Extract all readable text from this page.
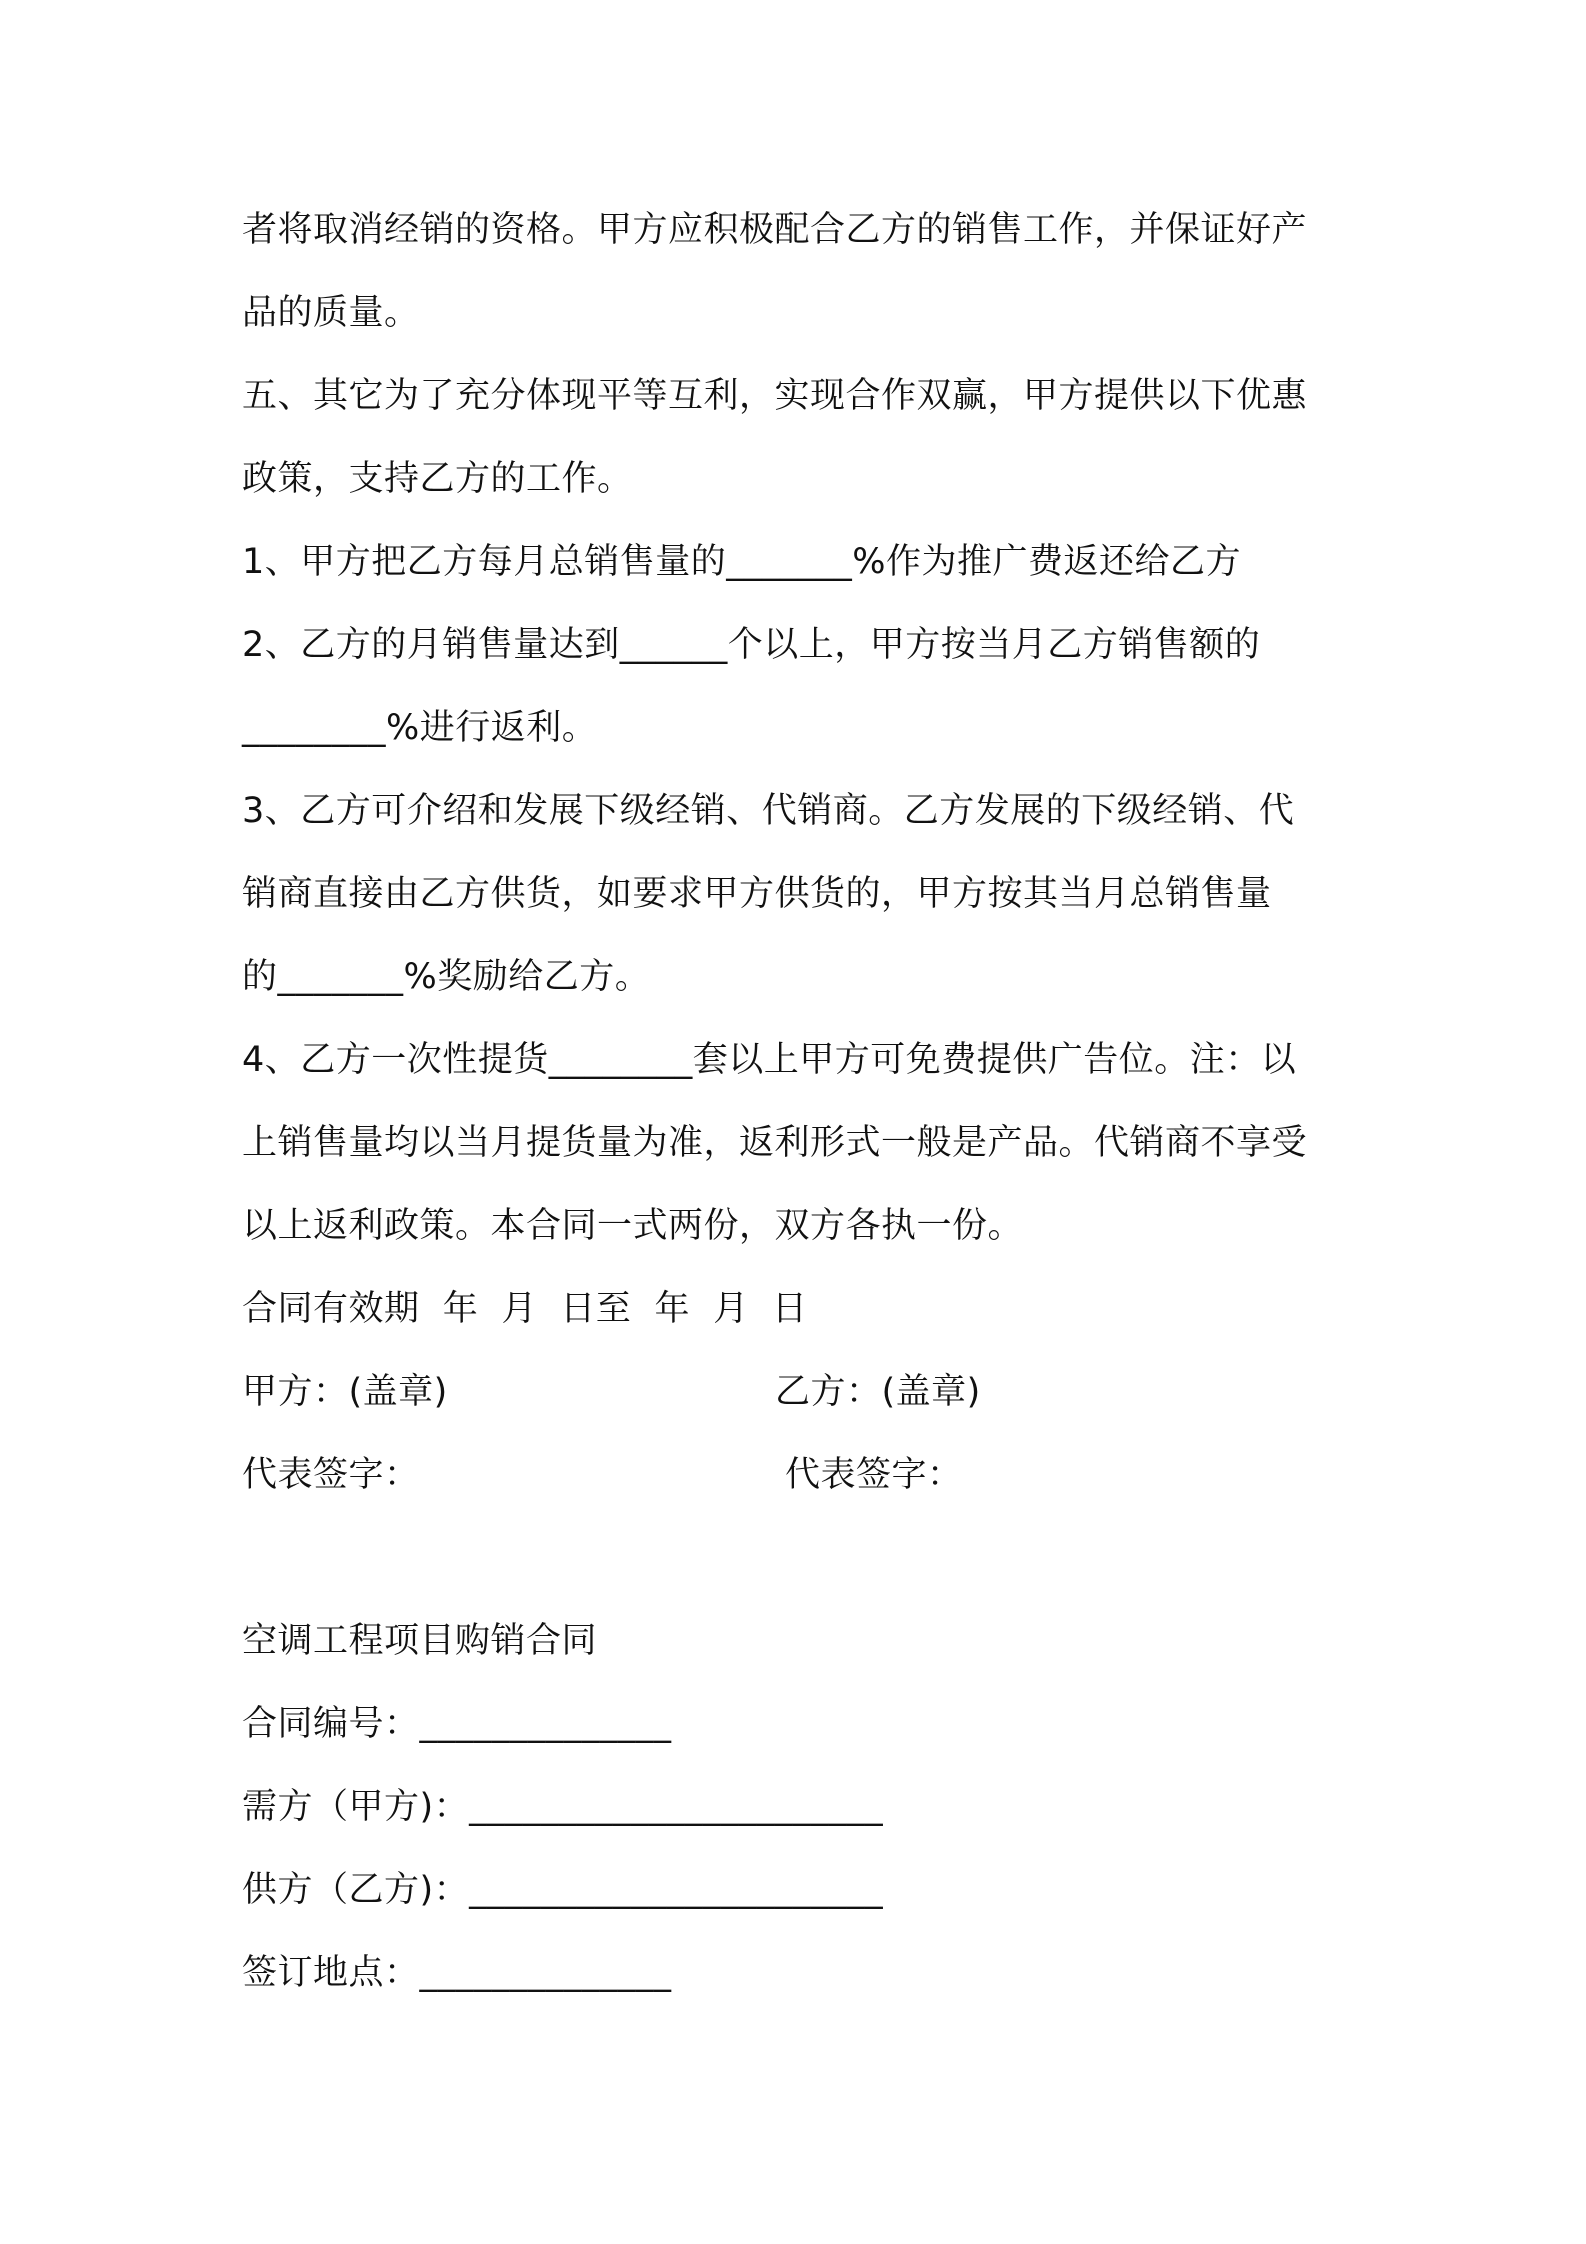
者将取消经销的资格。甲方应积极配合乙方的销售工作，并保证好产
品的质量。
五、其它为了充分体现平等互利，实现合作双赢，甲方提供以下优惠
政策，支持乙方的工作。
1、甲方把乙方每月总销售量的_______%作为推广费返还给乙方
2、乙方的月销售量达到______个以上，甲方按当月乙方销售额的
________%进行返利。
3、乙方可介绍和发展下级经销、代销商。乙方发展的下级经销、代
销商直接由乙方供货，如要求甲方供货的，甲方按其当月总销售量
的_______%奖励给乙方。
4、乙方一次性提货________套以上甲方可免费提供广告位。注：以
上销售量均以当月提货量为准，返利形式一般是产品。代销商不享受
以上返利政策。本合同一式两份，双方各执一份。
合同有效期  年  月  日至  年  月  日
甲方：(盖章)	乙方：(盖章)
代表签字：	代表签字：
空调工程项目购销合同
合同编号：______________
需方（甲方)：_______________________
供方（乙方)：_______________________
签订地点：______________
